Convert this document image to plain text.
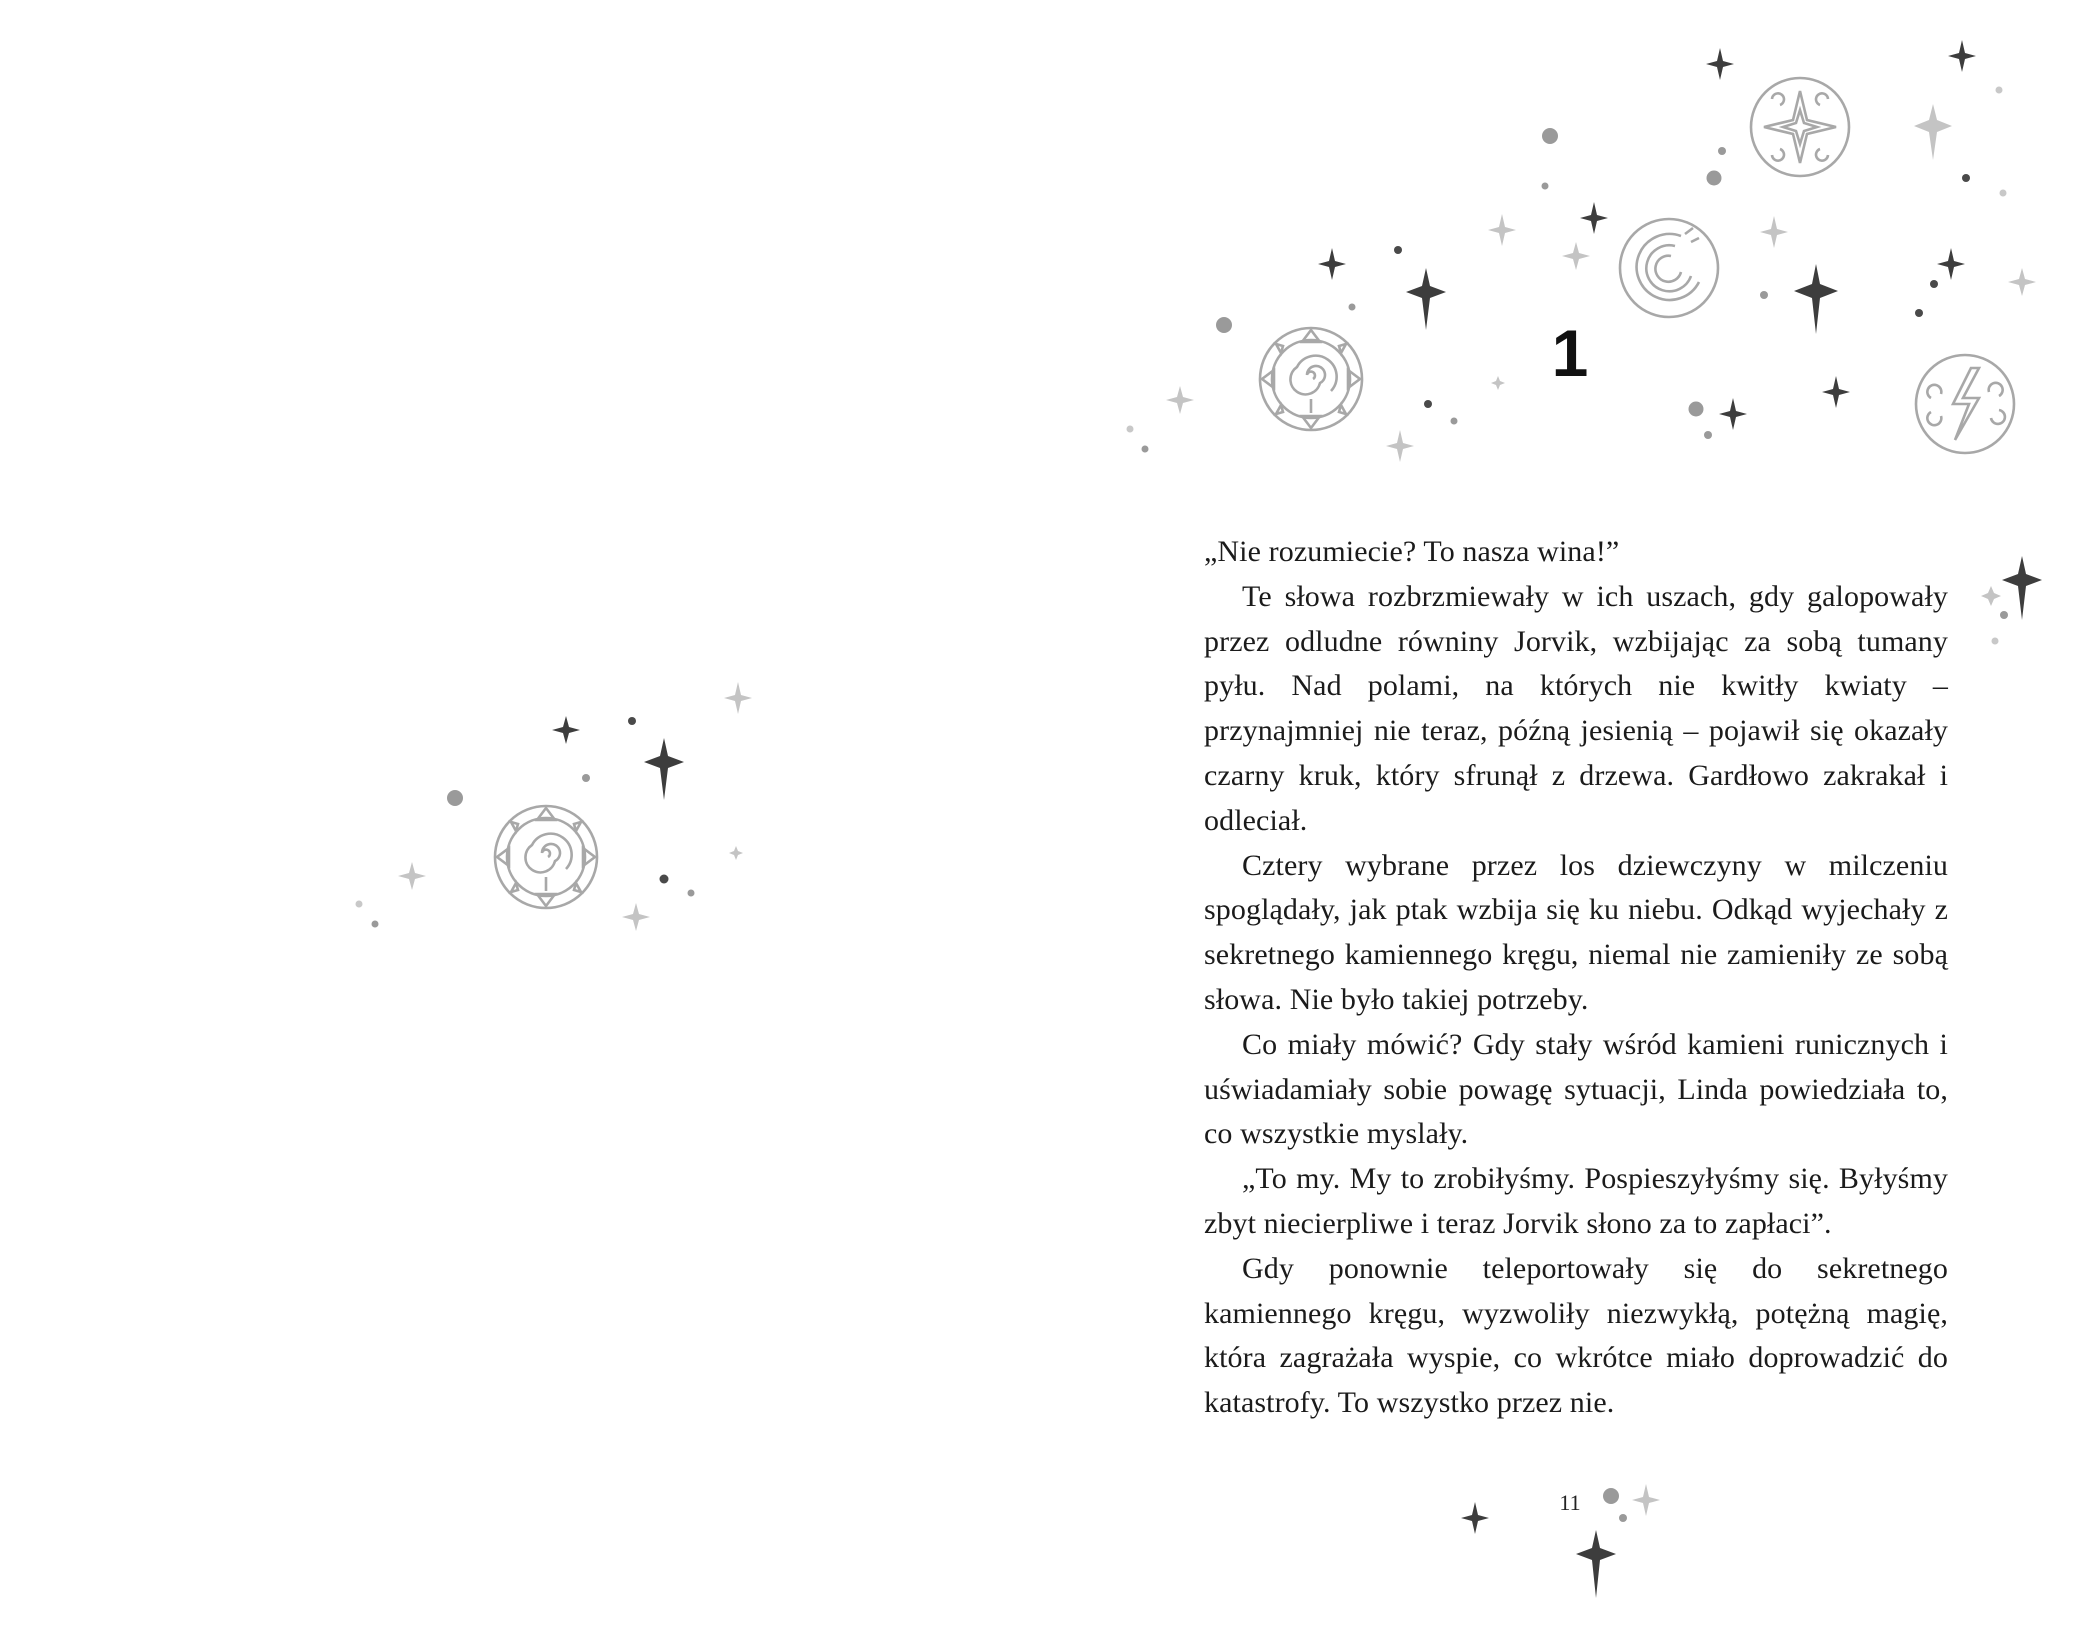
1

„Nie rozumiecie? To nasza wina!”

Te słowa rozbrzmiewały w ich uszach, gdy galopowały przez odludne równiny Jorvik, wzbijając za sobą tumany pyłu. Nad polami, na których nie kwitły kwiaty – przynajmniej nie teraz, późną jesienią – pojawił się okazały czarny kruk, który sfrunął z drzewa. Gardłowo zakrakał i odleciał.

Cztery wybrane przez los dziewczyny w milczeniu spoglądały, jak ptak wzbija się ku niebu. Odkąd wyjechały z sekretnego kamiennego kręgu, niemal nie zamieniły ze sobą słowa. Nie było takiej potrzeby.

Co miały mówić? Gdy stały wśród kamieni runicznych i uświadamiały sobie powagę sytuacji, Linda powiedziała to, co wszystkie myslały.

„To my. My to zrobiłyśmy. Pospieszyłyśmy się. Byłyśmy zbyt niecierpliwe i teraz Jorvik słono za to zapłaci”.

Gdy ponownie teleportowały się do sekretnego kamiennego kręgu, wyzwoliły niezwykłą, potężną magię, która zagrażała wyspie, co wkrótce miało doprowadzić do katastrofy. To wszystko przez nie.

11
